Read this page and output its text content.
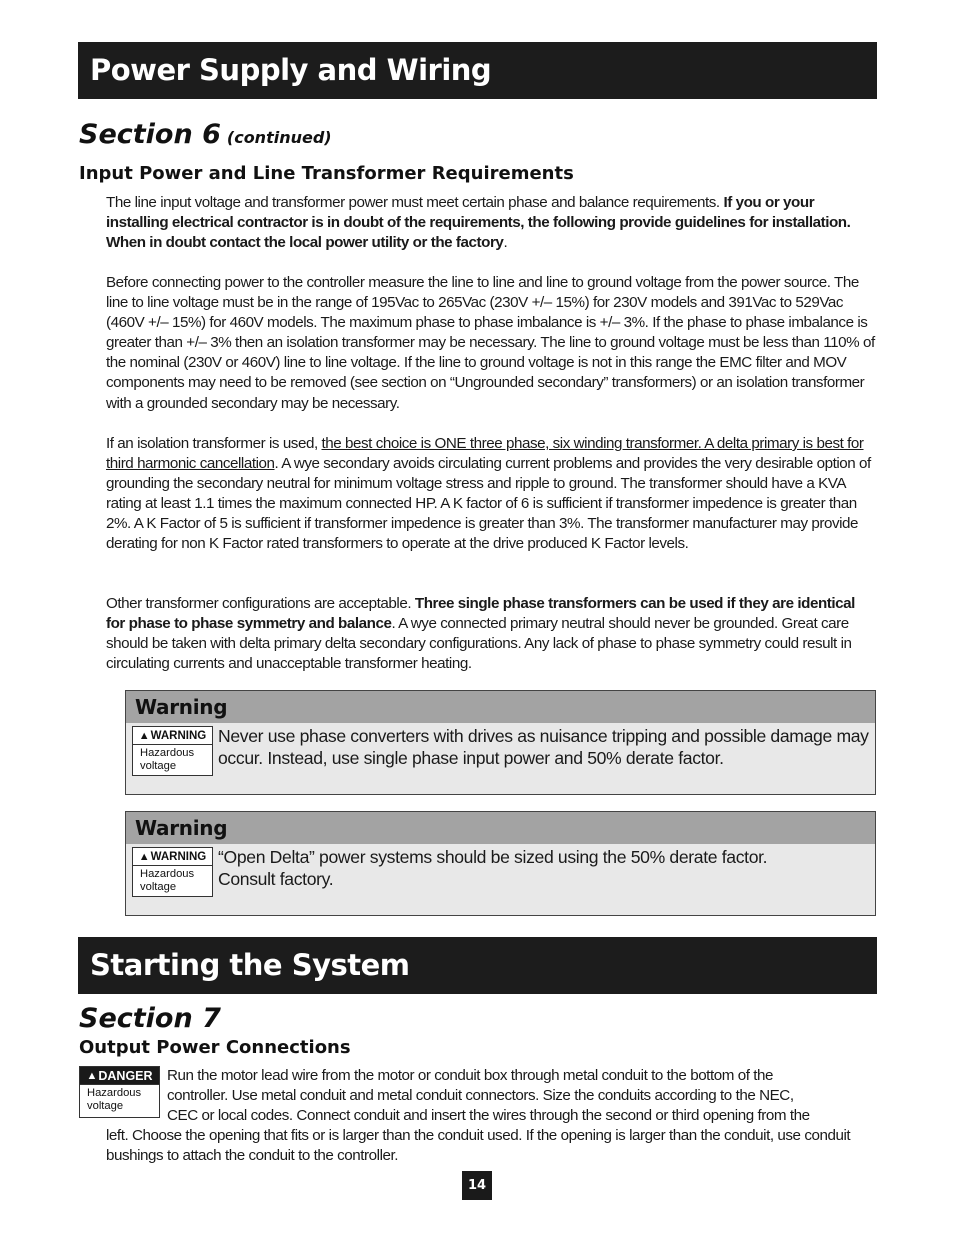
Power Supply and Wiring
Section 6 (continued)
Input Power and Line Transformer Requirements

The line input voltage and transformer power must meet certain phase and balance requirements. If you or your installing electrical contractor is in doubt of the requirements, the following provide guidelines for installation. When in doubt contact the local power utility or the factory.

Before connecting power to the controller measure the line to line and line to ground voltage from the power source. The line to line voltage must be in the range of 195Vac to 265Vac (230V +/– 15%) for 230V models and 391Vac to 529Vac (460V +/– 15%) for 460V models. The maximum phase to phase imbalance is +/– 3%. If the phase to phase imbalance is greater than +/– 3% then an isolation transformer may be necessary. The line to ground voltage must be less than 110% of the nominal (230V or 460V) line to line voltage. If the line to ground voltage is not in this range the EMC filter and MOV components may need to be removed (see section on “Ungrounded secondary” transformers) or an isolation transformer with a grounded secondary may be necessary.

If an isolation transformer is used, the best choice is ONE three phase, six winding transformer. A delta primary is best for third harmonic cancellation. A wye secondary avoids circulating current problems and provides the very desirable option of grounding the secondary neutral for minimum voltage stress and ripple to ground. The transformer should have a KVA rating at least 1.1 times the maximum connected HP. A K factor of 6 is sufficient if transformer impedence is greater than 2%. A K Factor of 5 is sufficient if transformer impedence is greater than 3%. The transformer manufacturer may provide derating for non K Factor rated transformers to operate at the drive produced K Factor levels.

Other transformer configurations are acceptable. Three single phase transformers can be used if they are identical for phase to phase symmetry and balance. A wye connected primary neutral should never be grounded. Great care should be taken with delta primary delta secondary configurations. Any lack of phase to phase symmetry could result in circulating currents and unacceptable transformer heating.

Warning
▲ WARNING
Hazardous voltage
Never use phase converters with drives as nuisance tripping and possible damage may occur. Instead, use single phase input power and 50% derate factor.
Warning
▲ WARNING
Hazardous voltage
“Open Delta” power systems should be sized using the 50% derate factor. Consult factory.
Starting the System
Section 7
Output Power Connections
▲ DANGER
Hazardous voltage
Run the motor lead wire from the motor or conduit box through metal conduit to the bottom of the
controller. Use metal conduit and metal conduit connectors. Size the conduits according to the NEC,
CEC or local codes. Connect conduit and insert the wires through the second or third opening from the

left. Choose the opening that fits or is larger than the conduit used. If the opening is larger than the conduit, use conduit bushings to attach the conduit to the controller.

14
